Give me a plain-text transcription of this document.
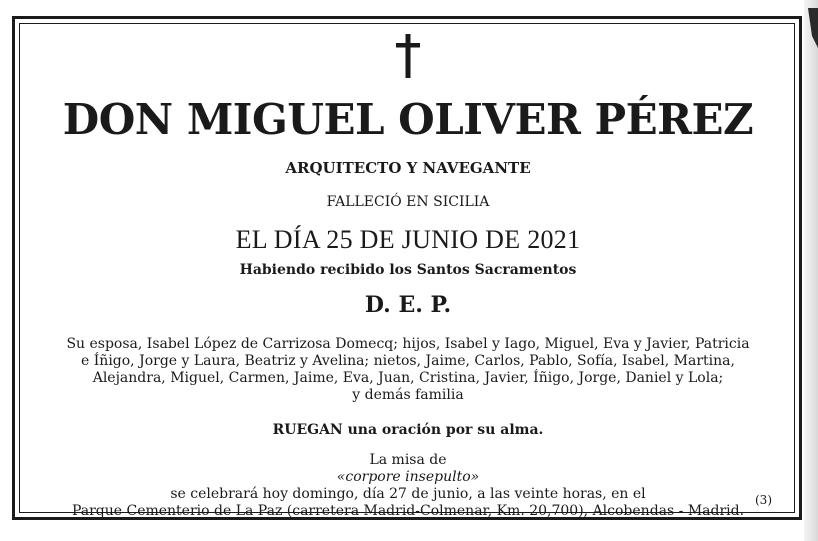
DON MIGUEL OLIVER PÉREZ
ARQUITECTO Y NAVEGANTE
FALLECIÓ EN SICILIA
EL DÍA 25 DE JUNIO DE 2021
Habiendo recibido los Santos Sacramentos
D. E. P.
Su esposa, Isabel López de Carrizosa Domecq; hijos, Isabel y Iago, Miguel, Eva y Javier, Patricia
e Íñigo, Jorge y Laura, Beatriz y Avelina; nietos, Jaime, Carlos, Pablo, Sofía, Isabel, Martina,
Alejandra, Miguel, Carmen, Jaime, Eva, Juan, Cristina, Javier, Íñigo, Jorge, Daniel y Lola;
y demás familia
RUEGAN una oración por su alma.
La misa de
«corpore insepulto»
se celebrará hoy domingo, día 27 de junio, a las veinte horas, en el
Parque Cementerio de La Paz (carretera Madrid-Colmenar, Km. 20,700), Alcobendas - Madrid.
(3)
